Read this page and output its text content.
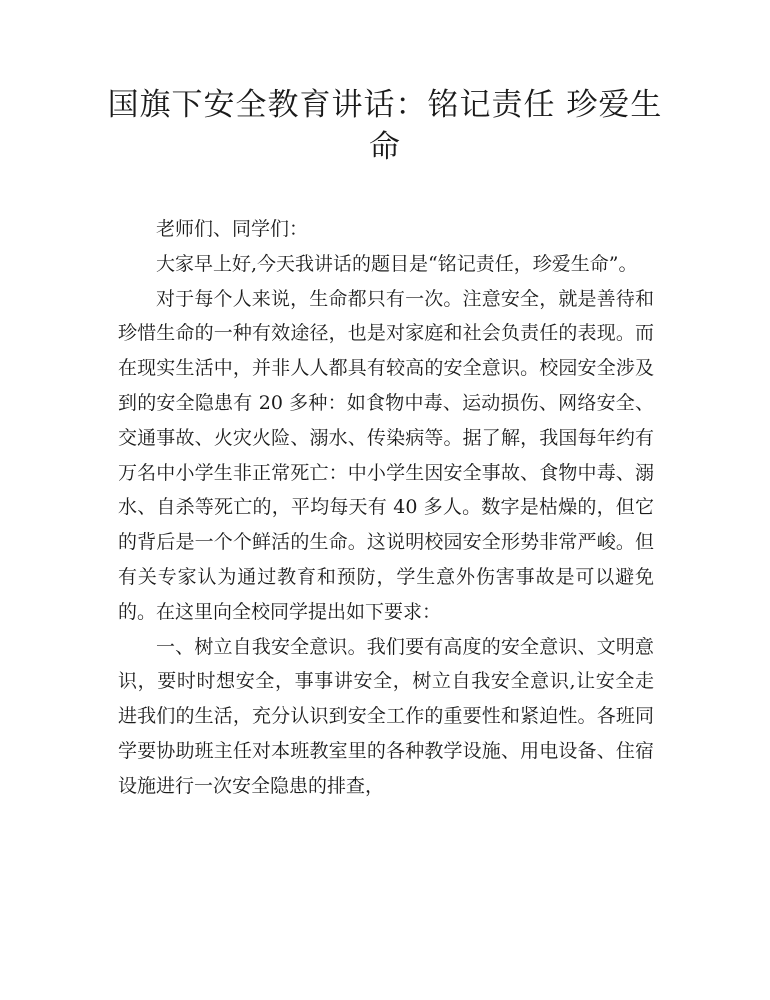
国旗下安全教育讲话：铭记责任 珍爱生命

老师们、同学们：

大家早上好,今天我讲话的题目是“铭记责任，珍爱生命”。

对于每个人来说，生命都只有一次。注意安全，就是善待和珍惜生命的一种有效途径，也是对家庭和社会负责任的表现。而在现实生活中，并非人人都具有较高的安全意识。校园安全涉及到的安全隐患有 20 多种：如食物中毒、运动损伤、网络安全、交通事故、火灾火险、溺水、传染病等。据了解，我国每年约有万名中小学生非正常死亡：中小学生因安全事故、食物中毒、溺水、自杀等死亡的，平均每天有 40 多人。数字是枯燥的，但它的背后是一个个鲜活的生命。这说明校园安全形势非常严峻。但有关专家认为通过教育和预防，学生意外伤害事故是可以避免的。在这里向全校同学提出如下要求：

一、树立自我安全意识。我们要有高度的安全意识、文明意识，要时时想安全，事事讲安全，树立自我安全意识,让安全走进我们的生活，充分认识到安全工作的重要性和紧迫性。各班同学要协助班主任对本班教室里的各种教学设施、用电设备、住宿设施进行一次安全隐患的排查，
